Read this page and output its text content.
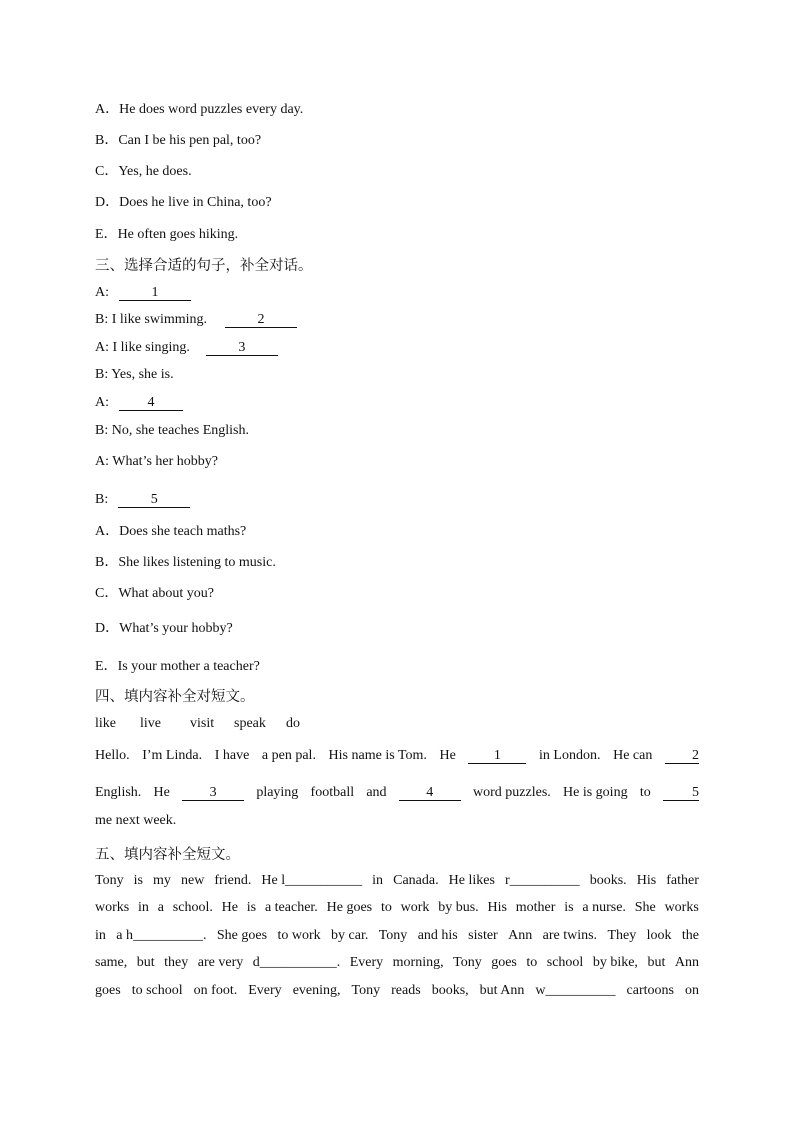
A．He does word puzzles every day.
B．Can I be his pen pal, too?
C．Yes, he does.
D．Does he live in China, too?
E．He often goes hiking.
三、选择合适的句子，补全对话。
A:	1
B: I like swimming.	2
A: I like singing.	3
B: Yes, she is.
A:	4
B: No, she teaches English.
A: What’s her hobby?
B:	5
A．Does she teach maths?
B．She likes listening to music.
C．What about you?
D．What’s your hobby?
E．Is your mother a teacher?
四、填内容补全对短文。
like live visit speak do
Hello. I’m Linda. I have a pen pal. His name is Tom. He	1	in London. He can	2
English. He	3	playing football and	4	word puzzles. He is going to	5
me next week.
五、填内容补全短文。
Tony is my new friend. He l___________ in Canada. He likes r__________ books. His father
works in a school. He is a teacher. He goes to work by bus. His mother is a nurse. She works
in a h__________. She goes to work by car. Tony and his sister Ann are twins. They look the
same, but they are very d___________. Every morning, Tony goes to school by bike, but Ann
goes to school on foot. Every evening, Tony reads books, but Ann w__________ cartoons on
